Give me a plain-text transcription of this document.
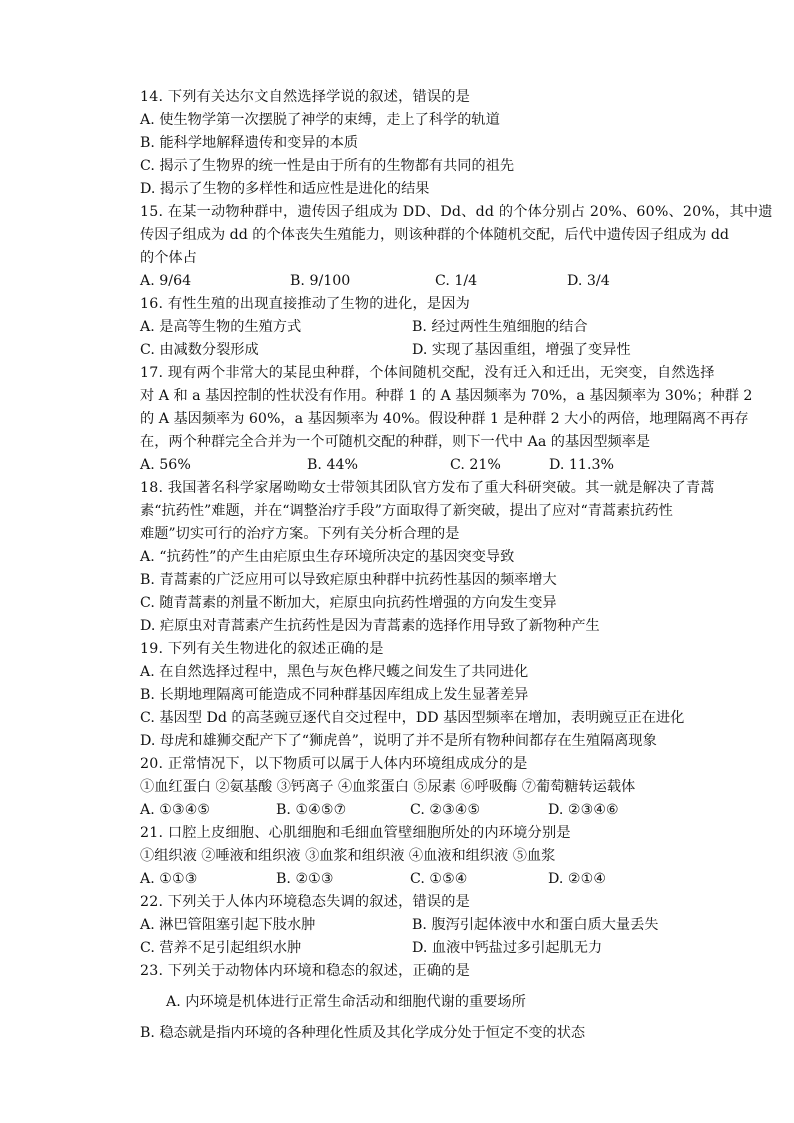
14. 下列有关达尔文自然选择学说的叙述，错误的是
A. 使生物学第一次摆脱了神学的束缚，走上了科学的轨道
B. 能科学地解释遗传和变异的本质
C. 揭示了生物界的统一性是由于所有的生物都有共同的祖先
D. 揭示了生物的多样性和适应性是进化的结果
15. 在某一动物种群中，遗传因子组成为 DD、Dd、dd 的个体分别占 20%、60%、20%，其中遗
传因子组成为 dd 的个体丧失生殖能力，则该种群的个体随机交配，后代中遗传因子组成为 dd
的个体占
A. 9/64	B. 9/100	C. 1/4	D. 3/4
16. 有性生殖的出现直接推动了生物的进化，是因为
A. 是高等生物的生殖方式	B. 经过两性生殖细胞的结合
C. 由减数分裂形成	D. 实现了基因重组，增强了变异性
17. 现有两个非常大的某昆虫种群，个体间随机交配，没有迁入和迁出，无突变，自然选择
对 A 和 a 基因控制的性状没有作用。种群 1 的 A 基因频率为 70%，a 基因频率为 30%；种群 2
的 A 基因频率为 60%，a 基因频率为 40%。假设种群 1 是种群 2 大小的两倍，地理隔离不再存
在，两个种群完全合并为一个可随机交配的种群，则下一代中 Aa 的基因型频率是
A. 56%	B. 44%	C. 21%	D. 11.3%
18. 我国著名科学家屠呦呦女士带领其团队官方发布了重大科研突破。其一就是解决了青蒿
素“抗药性”难题，并在“调整治疗手段”方面取得了新突破，提出了应对“青蒿素抗药性
难题”切实可行的治疗方案。下列有关分析合理的是
A. “抗药性”的产生由疟原虫生存环境所决定的基因突变导致
B. 青蒿素的广泛应用可以导致疟原虫种群中抗药性基因的频率增大
C. 随青蒿素的剂量不断加大，疟原虫向抗药性增强的方向发生变异
D. 疟原虫对青蒿素产生抗药性是因为青蒿素的选择作用导致了新物种产生
19. 下列有关生物进化的叙述正确的是
A. 在自然选择过程中，黑色与灰色桦尺蠖之间发生了共同进化
B. 长期地理隔离可能造成不同种群基因库组成上发生显著差异
C. 基因型 Dd 的高茎豌豆逐代自交过程中，DD 基因型频率在增加，表明豌豆正在进化
D. 母虎和雄狮交配产下了“狮虎兽”，说明了并不是所有物种间都存在生殖隔离现象
20. 正常情况下，以下物质可以属于人体内环境组成成分的是
①血红蛋白 ②氨基酸 ③钙离子 ④血浆蛋白 ⑤尿素 ⑥呼吸酶 ⑦葡萄糖转运载体
A. ①③④⑤	B. ①④⑤⑦	C. ②③④⑤	D. ②③④⑥
21. 口腔上皮细胞、心肌细胞和毛细血管壁细胞所处的内环境分别是
①组织液 ②唾液和组织液 ③血浆和组织液 ④血液和组织液 ⑤血浆
A. ①①③	B. ②①③	C. ①⑤④	D. ②①④
22. 下列关于人体内环境稳态失调的叙述，错误的是
A. 淋巴管阻塞引起下肢水肿	B. 腹泻引起体液中水和蛋白质大量丢失
C. 营养不足引起组织水肿	D. 血液中钙盐过多引起肌无力
23. 下列关于动物体内环境和稳态的叙述，正确的是
A. 内环境是机体进行正常生命活动和细胞代谢的重要场所
B. 稳态就是指内环境的各种理化性质及其化学成分处于恒定不变的状态
